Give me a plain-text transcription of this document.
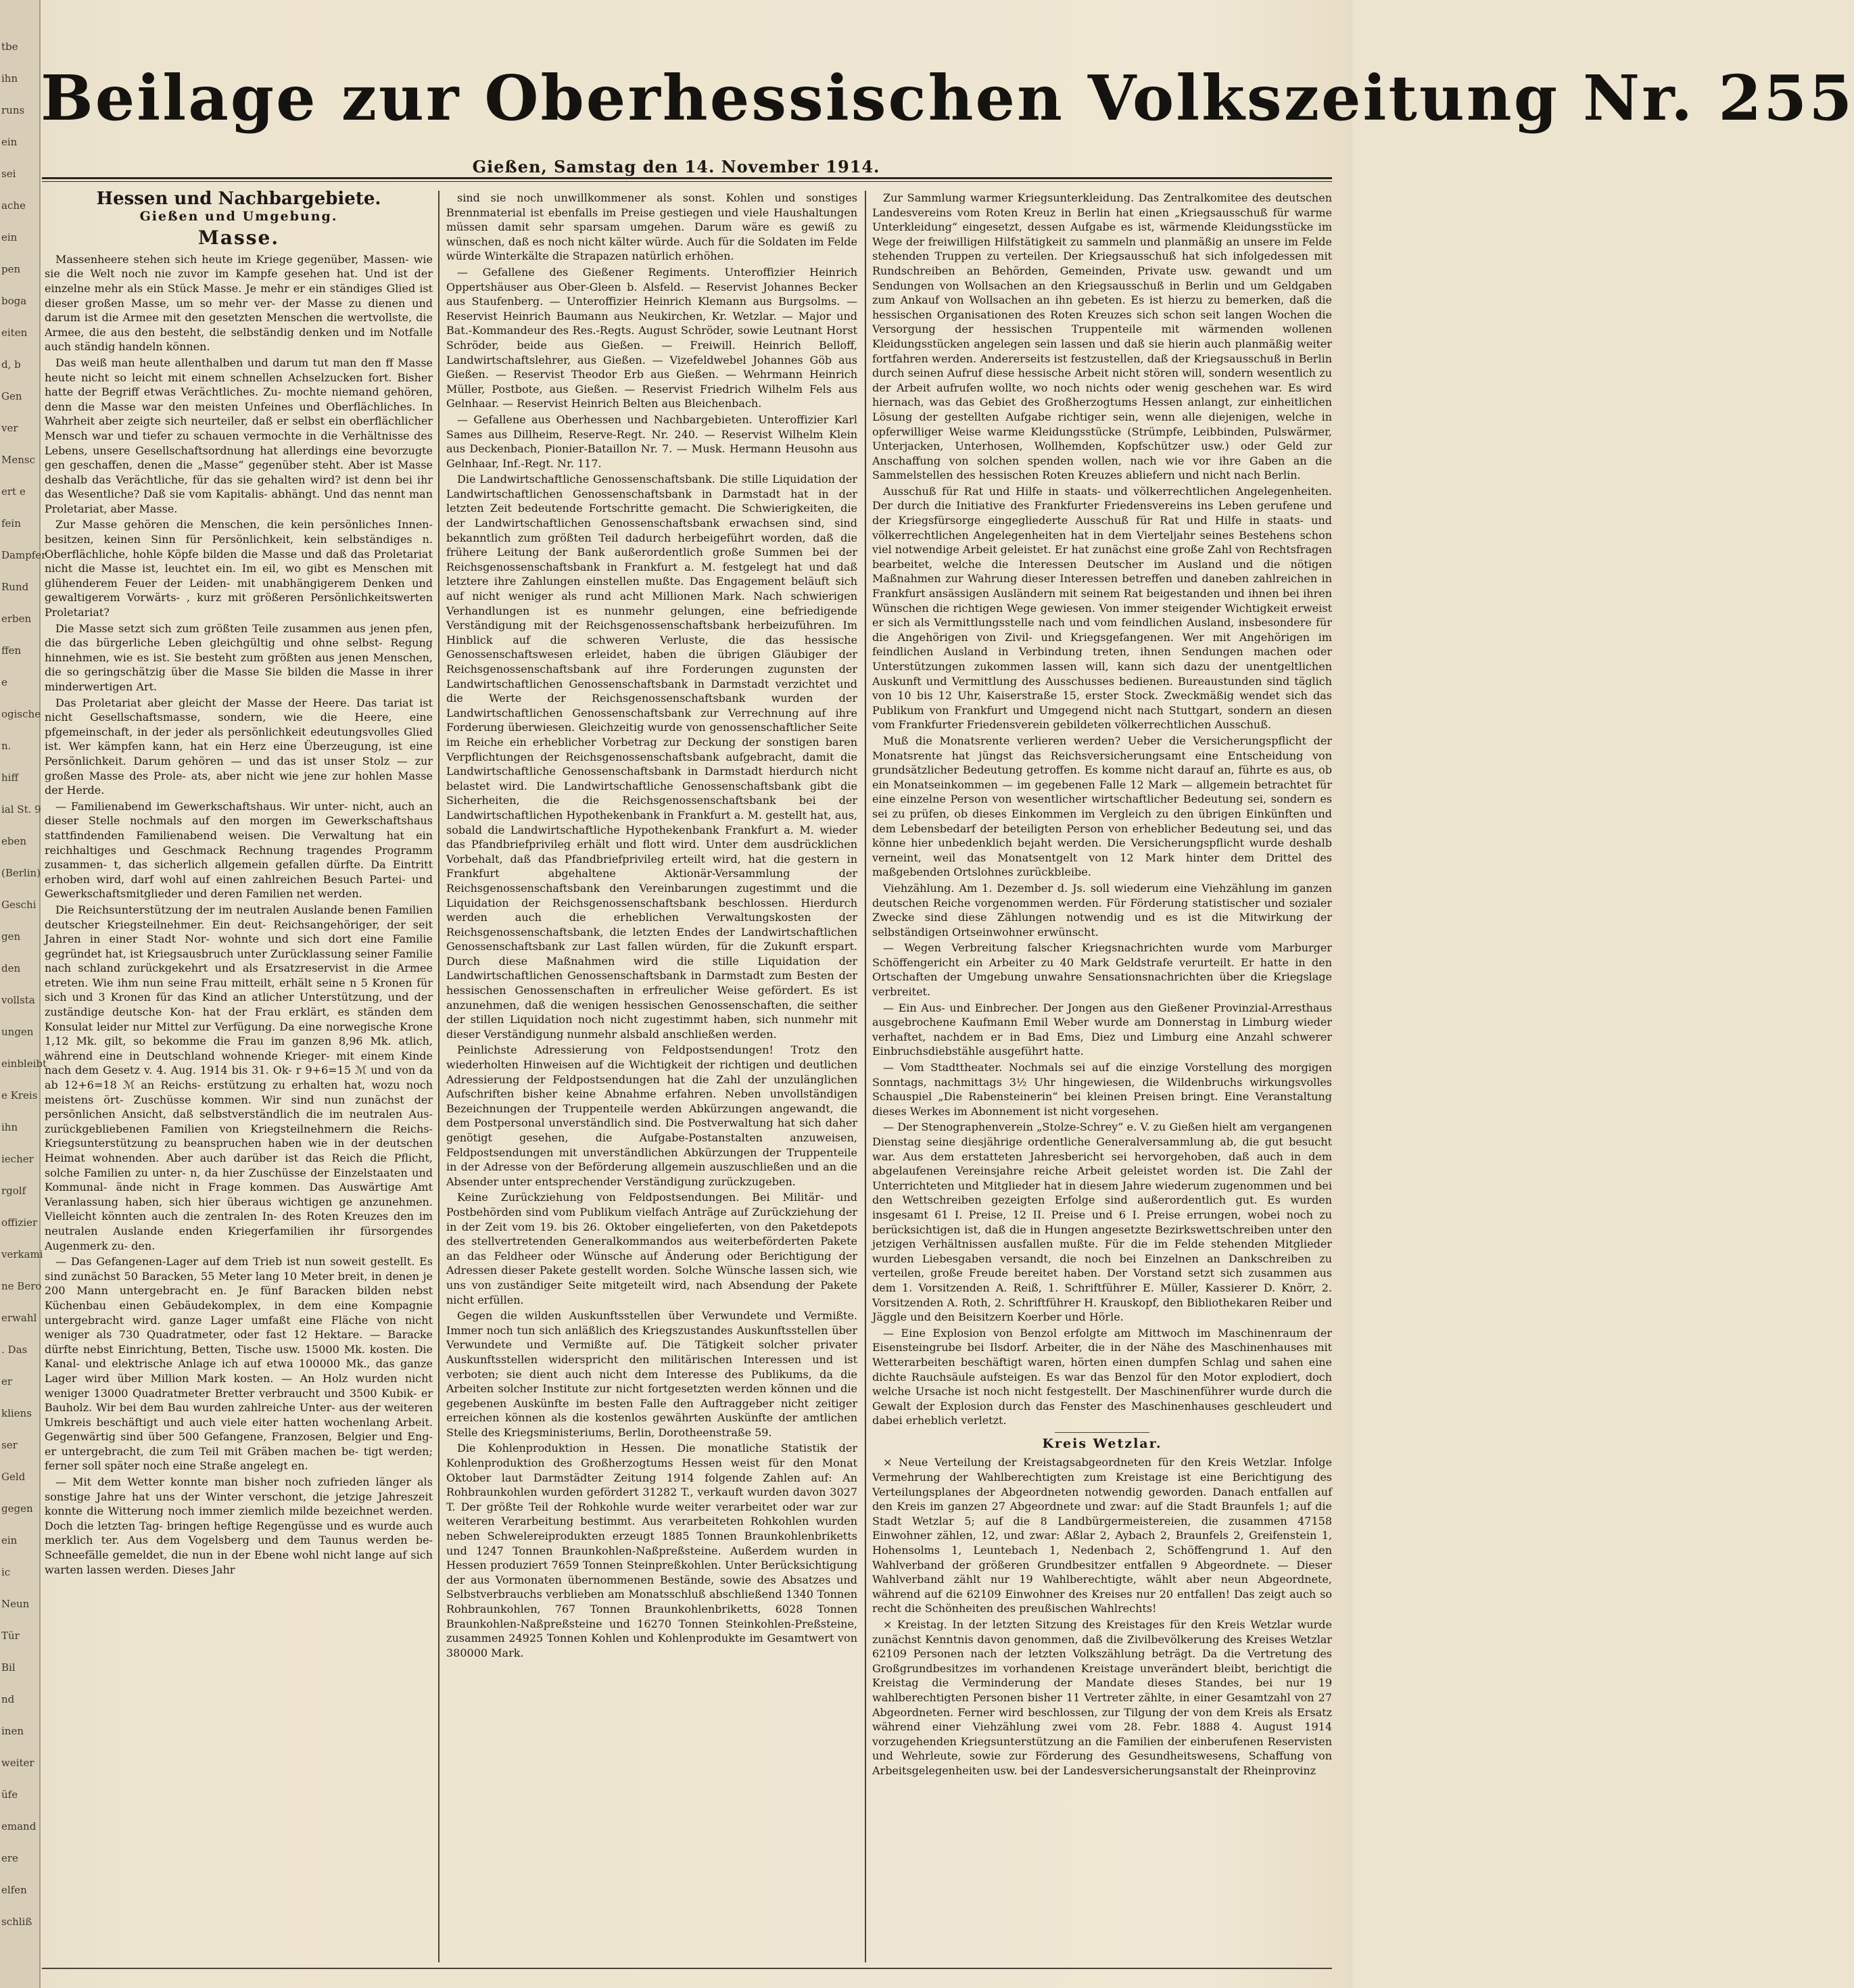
tbe
ihn
runs
ein
sei
ache
ein
pen
boga
eiten
d, b
Gen
ver
Mensc
ert e
fein
Dampfer
Rund
erben
ffen
e
ogische
n.
hiff
ial St. 9
eben
(Berlin)
Geschi
gen
den
vollsta
ungen
einbleibt
e Kreis
ihn
iecher
rgolf
offizier
verkami
ne Bero
erwahl
. Das
er
kliens
ser
Geld
gegen
ein
ic
Neun
Tür
Bil
nd
inen
weiter
üfe
emand
ere
elfen
schliß
Beilage zur Oberhessischen Volkszeitung Nr. 255
Gießen, Samstag den 14. November 1914.
Hessen und Nachbargebiete.
Gießen und Umgebung.
Masse.

Massenheere stehen sich heute im Kriege gegenüber, Massen- wie sie die Welt noch nie zuvor im Kampfe gesehen hat. Und ist der einzelne mehr als ein Stück Masse. Je mehr er ein ständiges Glied ist dieser großen Masse, um so mehr ver- der Masse zu dienen und darum ist die Armee mit den gesetzten Menschen die wertvollste, die Armee, die aus den besteht, die selbständig denken und im Notfalle auch ständig handeln können.

Das weiß man heute allenthalben und darum tut man den ff Masse heute nicht so leicht mit einem schnellen Achselzucken fort. Bisher hatte der Begriff etwas Verächtliches. Zu- mochte niemand gehören, denn die Masse war den meisten Unfeines und Oberflächliches. In Wahrheit aber zeigte sich neurteiler, daß er selbst ein oberflächlicher Mensch war und tiefer zu schauen vermochte in die Verhältnisse des Lebens, unsere Gesellschaftsordnung hat allerdings eine bevorzugte gen geschaffen, denen die „Masse“ gegenüber steht. Aber ist Masse deshalb das Verächtliche, für das sie gehalten wird? ist denn bei ihr das Wesentliche? Daß sie vom Kapitalis- abhängt. Und das nennt man Proletariat, aber Masse.

Zur Masse gehören die Menschen, die kein persönliches Innen- besitzen, keinen Sinn für Persönlichkeit, kein selbständiges n. Oberflächliche, hohle Köpfe bilden die Masse und daß das Proletariat nicht die Masse ist, leuchtet ein. Im eil, wo gibt es Menschen mit glühenderem Feuer der Leiden- mit unabhängigerem Denken und gewaltigerem Vorwärts- , kurz mit größeren Persönlichkeitswerten Proletariat?

Die Masse setzt sich zum größten Teile zusammen aus jenen pfen, die das bürgerliche Leben gleichgültig und ohne selbst- Regung hinnehmen, wie es ist. Sie besteht zum größten aus jenen Menschen, die so geringschätzig über die Masse Sie bilden die Masse in ihrer minderwertigen Art.

Das Proletariat aber gleicht der Masse der Heere. Das tariat ist nicht Gesellschaftsmasse, sondern, wie die Heere, eine pfgemeinschaft, in der jeder als persönlichkeit edeutungsvolles Glied ist. Wer kämpfen kann, hat ein Herz eine Überzeugung, ist eine Persönlichkeit. Darum gehören — und das ist unser Stolz — zur großen Masse des Prole- ats, aber nicht wie jene zur hohlen Masse der Herde.

— Familienabend im Gewerkschaftshaus. Wir unter- nicht, auch an dieser Stelle nochmals auf den morgen im Gewerkschaftshaus stattfindenden Familienabend weisen. Die Verwaltung hat ein reichhaltiges und Geschmack Rechnung tragendes Programm zusammen- t, das sicherlich allgemein gefallen dürfte. Da Eintritt erhoben wird, darf wohl auf einen zahlreichen Besuch Partei- und Gewerkschaftsmitglieder und deren Familien net werden.

Die Reichsunterstützung der im neutralen Auslande benen Familien deutscher Kriegsteilnehmer. Ein deut- Reichsangehöriger, der seit Jahren in einer Stadt Nor- wohnte und sich dort eine Familie gegründet hat, ist Kriegsausbruch unter Zurücklassung seiner Familie nach schland zurückgekehrt und als Ersatzreservist in die Armee etreten. Wie ihm nun seine Frau mitteilt, erhält seine n 5 Kronen für sich und 3 Kronen für das Kind an atlicher Unterstützung, und der zuständige deutsche Kon- hat der Frau erklärt, es ständen dem Konsulat leider nur Mittel zur Verfügung. Da eine norwegische Krone 1,12 Mk. gilt, so bekomme die Frau im ganzen 8,96 Mk. atlich, während eine in Deutschland wohnende Krieger- mit einem Kinde nach dem Gesetz v. 4. Aug. 1914 bis 31. Ok- r 9+6=15 ℳ und von da ab 12+6=18 ℳ an Reichs- erstützung zu erhalten hat, wozu noch meistens ört- Zuschüsse kommen. Wir sind nun zunächst der persönlichen Ansicht, daß selbstverständlich die im neutralen Aus- zurückgebliebenen Familien von Kriegsteilnehmern die Reichs-Kriegsunterstützung zu beanspruchen haben wie in der deutschen Heimat wohnenden. Aber auch darüber ist das Reich die Pflicht, solche Familien zu unter- n, da hier Zuschüsse der Einzelstaaten und Kommunal- ände nicht in Frage kommen. Das Auswärtige Amt Veranlassung haben, sich hier überaus wichtigen ge anzunehmen. Vielleicht könnten auch die zentralen In- des Roten Kreuzes den im neutralen Auslande enden Kriegerfamilien ihr fürsorgendes Augenmerk zu- den.

— Das Gefangenen-Lager auf dem Trieb ist nun soweit gestellt. Es sind zunächst 50 Baracken, 55 Meter lang 10 Meter breit, in denen je 200 Mann untergebracht en. Je fünf Baracken bilden nebst Küchenbau einen Gebäudekomplex, in dem eine Kompagnie untergebracht wird. ganze Lager umfaßt eine Fläche von nicht weniger als 730 Quadratmeter, oder fast 12 Hektare. — Baracke dürfte nebst Einrichtung, Betten, Tische usw. 15000 Mk. kosten. Die Kanal- und elektrische Anlage ich auf etwa 100000 Mk., das ganze Lager wird über Million Mark kosten. — An Holz wurden nicht weniger 13000 Quadratmeter Bretter verbraucht und 3500 Kubik- er Bauholz. Wir bei dem Bau wurden zahlreiche Unter- aus der weiteren Umkreis beschäftigt und auch viele eiter hatten wochenlang Arbeit. Gegenwärtig sind über 500 Gefangene, Franzosen, Belgier und Eng- er untergebracht, die zum Teil mit Gräben machen be- tigt werden; ferner soll später noch eine Straße angelegt en.

— Mit dem Wetter konnte man bisher noch zufrieden länger als sonstige Jahre hat uns der Winter verschont, die jetzige Jahreszeit konnte die Witterung noch immer ziemlich milde bezeichnet werden. Doch die letzten Tag- bringen heftige Regengüsse und es wurde auch merklich ter. Aus dem Vogelsberg und dem Taunus werden be- Schneefälle gemeldet, die nun in der Ebene wohl nicht lange auf sich warten lassen werden. Dieses Jahr

sind sie noch unwillkommener als sonst. Kohlen und sonstiges Brennmaterial ist ebenfalls im Preise gestiegen und viele Haushaltungen müssen damit sehr sparsam umgehen. Darum wäre es gewiß zu wünschen, daß es noch nicht kälter würde. Auch für die Soldaten im Felde würde Winterkälte die Strapazen natürlich erhöhen.

— Gefallene des Gießener Regiments. Unteroffizier Heinrich Oppertshäuser aus Ober-Gleen b. Alsfeld. — Reservist Johannes Becker aus Staufenberg. — Unteroffizier Heinrich Klemann aus Burgsolms. — Reservist Heinrich Baumann aus Neukirchen, Kr. Wetzlar. — Major und Bat.-Kommandeur des Res.-Regts. August Schröder, sowie Leutnant Horst Schröder, beide aus Gießen. — Freiwill. Heinrich Belloff, Landwirtschaftslehrer, aus Gießen. — Vizefeldwebel Johannes Göb aus Gießen. — Reservist Theodor Erb aus Gießen. — Wehrmann Heinrich Müller, Postbote, aus Gießen. — Reservist Friedrich Wilhelm Fels aus Gelnhaar. — Reservist Heinrich Belten aus Bleichenbach.

— Gefallene aus Oberhessen und Nachbargebieten. Unteroffizier Karl Sames aus Dillheim, Reserve-Regt. Nr. 240. — Reservist Wilhelm Klein aus Deckenbach, Pionier-Bataillon Nr. 7. — Musk. Hermann Heusohn aus Gelnhaar, Inf.-Regt. Nr. 117.

Die Landwirtschaftliche Genossenschaftsbank. Die stille Liquidation der Landwirtschaftlichen Genossenschaftsbank in Darmstadt hat in der letzten Zeit bedeutende Fortschritte gemacht. Die Schwierigkeiten, die der Landwirtschaftlichen Genossenschaftsbank erwachsen sind, sind bekanntlich zum größten Teil dadurch herbeigeführt worden, daß die frühere Leitung der Bank außerordentlich große Summen bei der Reichsgenossenschaftsbank in Frankfurt a. M. festgelegt hat und daß letztere ihre Zahlungen einstellen mußte. Das Engagement beläuft sich auf nicht weniger als rund acht Millionen Mark. Nach schwierigen Verhandlungen ist es nunmehr gelungen, eine befriedigende Verständigung mit der Reichsgenossenschaftsbank herbeizuführen. Im Hinblick auf die schweren Verluste, die das hessische Genossenschaftswesen erleidet, haben die übrigen Gläubiger der Reichsgenossenschaftsbank auf ihre Forderungen zugunsten der Landwirtschaftlichen Genossenschaftsbank in Darmstadt verzichtet und die Werte der Reichsgenossenschaftsbank wurden der Landwirtschaftlichen Genossenschaftsbank zur Verrechnung auf ihre Forderung überwiesen. Gleichzeitig wurde von genossenschaftlicher Seite im Reiche ein erheblicher Vorbetrag zur Deckung der sonstigen baren Verpflichtungen der Reichsgenossenschaftsbank aufgebracht, damit die Landwirtschaftliche Genossenschaftsbank in Darmstadt hierdurch nicht belastet wird. Die Landwirtschaftliche Genossenschaftsbank gibt die Sicherheiten, die die Reichsgenossenschaftsbank bei der Landwirtschaftlichen Hypothekenbank in Frankfurt a. M. gestellt hat, aus, sobald die Landwirtschaftliche Hypothekenbank Frankfurt a. M. wieder das Pfandbriefprivileg erhält und flott wird. Unter dem ausdrücklichen Vorbehalt, daß das Pfandbriefprivileg erteilt wird, hat die gestern in Frankfurt abgehaltene Aktionär-Versammlung der Reichsgenossenschaftsbank den Vereinbarungen zugestimmt und die Liquidation der Reichsgenossenschaftsbank beschlossen. Hierdurch werden auch die erheblichen Verwaltungskosten der Reichsgenossenschaftsbank, die letzten Endes der Landwirtschaftlichen Genossenschaftsbank zur Last fallen würden, für die Zukunft erspart. Durch diese Maßnahmen wird die stille Liquidation der Landwirtschaftlichen Genossenschaftsbank in Darmstadt zum Besten der hessischen Genossenschaften in erfreulicher Weise gefördert. Es ist anzunehmen, daß die wenigen hessischen Genossenschaften, die seither der stillen Liquidation noch nicht zugestimmt haben, sich nunmehr mit dieser Verständigung nunmehr alsbald anschließen werden.

Peinlichste Adressierung von Feldpostsendungen! Trotz den wiederholten Hinweisen auf die Wichtigkeit der richtigen und deutlichen Adressierung der Feldpostsendungen hat die Zahl der unzulänglichen Aufschriften bisher keine Abnahme erfahren. Neben unvollständigen Bezeichnungen der Truppenteile werden Abkürzungen angewandt, die dem Postpersonal unverständlich sind. Die Postverwaltung hat sich daher genötigt gesehen, die Aufgabe-Postanstalten anzuweisen, Feldpostsendungen mit unverständlichen Abkürzungen der Truppenteile in der Adresse von der Beförderung allgemein auszuschließen und an die Absender unter entsprechender Verständigung zurückzugeben.

Keine Zurückziehung von Feldpostsendungen. Bei Militär- und Postbehörden sind vom Publikum vielfach Anträge auf Zurückziehung der in der Zeit vom 19. bis 26. Oktober eingelieferten, von den Paketdepots des stellvertretenden Generalkommandos aus weiterbeförderten Pakete an das Feldheer oder Wünsche auf Änderung oder Berichtigung der Adressen dieser Pakete gestellt worden. Solche Wünsche lassen sich, wie uns von zuständiger Seite mitgeteilt wird, nach Absendung der Pakete nicht erfüllen.

Gegen die wilden Auskunftsstellen über Verwundete und Vermißte. Immer noch tun sich anläßlich des Kriegszustandes Auskunftsstellen über Verwundete und Vermißte auf. Die Tätigkeit solcher privater Auskunftsstellen widerspricht den militärischen Interessen und ist verboten; sie dient auch nicht dem Interesse des Publikums, da die Arbeiten solcher Institute zur nicht fortgesetzten werden können und die gegebenen Auskünfte im besten Falle den Auftraggeber nicht zeitiger erreichen können als die kostenlos gewährten Auskünfte der amtlichen Stelle des Kriegsministeriums, Berlin, Dorotheenstraße 59.

Die Kohlenproduktion in Hessen. Die monatliche Statistik der Kohlenproduktion des Großherzogtums Hessen weist für den Monat Oktober laut Darmstädter Zeitung 1914 folgende Zahlen auf: An Rohbraunkohlen wurden gefördert 31282 T., verkauft wurden davon 3027 T. Der größte Teil der Rohkohle wurde weiter verarbeitet oder war zur weiteren Verarbeitung bestimmt. Aus verarbeiteten Rohkohlen wurden neben Schwelereiprodukten erzeugt 1885 Tonnen Braunkohlenbriketts und 1247 Tonnen Braunkohlen-Naßpreßsteine. Außerdem wurden in Hessen produziert 7659 Tonnen Steinpreßkohlen. Unter Berücksichtigung der aus Vormonaten übernommenen Bestände, sowie des Absatzes und Selbstverbrauchs verblieben am Monatsschluß abschließend 1340 Tonnen Rohbraunkohlen, 767 Tonnen Braunkohlenbriketts, 6028 Tonnen Braunkohlen-Naßpreßsteine und 16270 Tonnen Steinkohlen-Preßsteine, zusammen 24925 Tonnen Kohlen und Kohlenprodukte im Gesamtwert von 380000 Mark.

Zur Sammlung warmer Kriegsunterkleidung. Das Zentralkomitee des deutschen Landesvereins vom Roten Kreuz in Berlin hat einen „Kriegsausschuß für warme Unterkleidung“ eingesetzt, dessen Aufgabe es ist, wärmende Kleidungsstücke im Wege der freiwilligen Hilfstätigkeit zu sammeln und planmäßig an unsere im Felde stehenden Truppen zu verteilen. Der Kriegsausschuß hat sich infolgedessen mit Rundschreiben an Behörden, Gemeinden, Private usw. gewandt und um Sendungen von Wollsachen an den Kriegsausschuß in Berlin und um Geldgaben zum Ankauf von Wollsachen an ihn gebeten. Es ist hierzu zu bemerken, daß die hessischen Organisationen des Roten Kreuzes sich schon seit langen Wochen die Versorgung der hessischen Truppenteile mit wärmenden wollenen Kleidungsstücken angelegen sein lassen und daß sie hierin auch planmäßig weiter fortfahren werden. Andererseits ist festzustellen, daß der Kriegsausschuß in Berlin durch seinen Aufruf diese hessische Arbeit nicht stören will, sondern wesentlich zu der Arbeit aufrufen wollte, wo noch nichts oder wenig geschehen war. Es wird hiernach, was das Gebiet des Großherzogtums Hessen anlangt, zur einheitlichen Lösung der gestellten Aufgabe richtiger sein, wenn alle diejenigen, welche in opferwilliger Weise warme Kleidungsstücke (Strümpfe, Leibbinden, Pulswärmer, Unterjacken, Unterhosen, Wollhemden, Kopfschützer usw.) oder Geld zur Anschaffung von solchen spenden wollen, nach wie vor ihre Gaben an die Sammelstellen des hessischen Roten Kreuzes abliefern und nicht nach Berlin.

Ausschuß für Rat und Hilfe in staats- und völkerrechtlichen Angelegenheiten. Der durch die Initiative des Frankfurter Friedensvereins ins Leben gerufene und der Kriegsfürsorge eingegliederte Ausschuß für Rat und Hilfe in staats- und völkerrechtlichen Angelegenheiten hat in dem Vierteljahr seines Bestehens schon viel notwendige Arbeit geleistet. Er hat zunächst eine große Zahl von Rechtsfragen bearbeitet, welche die Interessen Deutscher im Ausland und die nötigen Maßnahmen zur Wahrung dieser Interessen betreffen und daneben zahlreichen in Frankfurt ansässigen Ausländern mit seinem Rat beigestanden und ihnen bei ihren Wünschen die richtigen Wege gewiesen. Von immer steigender Wichtigkeit erweist er sich als Vermittlungsstelle nach und vom feindlichen Ausland, insbesondere für die Angehörigen von Zivil- und Kriegsgefangenen. Wer mit Angehörigen im feindlichen Ausland in Verbindung treten, ihnen Sendungen machen oder Unterstützungen zukommen lassen will, kann sich dazu der unentgeltlichen Auskunft und Vermittlung des Ausschusses bedienen. Bureaustunden sind täglich von 10 bis 12 Uhr, Kaiserstraße 15, erster Stock. Zweckmäßig wendet sich das Publikum von Frankfurt und Umgegend nicht nach Stuttgart, sondern an diesen vom Frankfurter Friedensverein gebildeten völkerrechtlichen Ausschuß.

Muß die Monatsrente verlieren werden? Ueber die Versicherungspflicht der Monatsrente hat jüngst das Reichsversicherungsamt eine Entscheidung von grundsätzlicher Bedeutung getroffen. Es komme nicht darauf an, führte es aus, ob ein Monatseinkommen — im gegebenen Falle 12 Mark — allgemein betrachtet für eine einzelne Person von wesentlicher wirtschaftlicher Bedeutung sei, sondern es sei zu prüfen, ob dieses Einkommen im Vergleich zu den übrigen Einkünften und dem Lebensbedarf der beteiligten Person von erheblicher Bedeutung sei, und das könne hier unbedenklich bejaht werden. Die Versicherungspflicht wurde deshalb verneint, weil das Monatsentgelt von 12 Mark hinter dem Drittel des maßgebenden Ortslohnes zurückbleibe.

Viehzählung. Am 1. Dezember d. Js. soll wiederum eine Viehzählung im ganzen deutschen Reiche vorgenommen werden. Für Förderung statistischer und sozialer Zwecke sind diese Zählungen notwendig und es ist die Mitwirkung der selbständigen Ortseinwohner erwünscht.

— Wegen Verbreitung falscher Kriegsnachrichten wurde vom Marburger Schöffengericht ein Arbeiter zu 40 Mark Geldstrafe verurteilt. Er hatte in den Ortschaften der Umgebung unwahre Sensationsnachrichten über die Kriegslage verbreitet.

— Ein Aus- und Einbrecher. Der Jongen aus den Gießener Provinzial-Arresthaus ausgebrochene Kaufmann Emil Weber wurde am Donnerstag in Limburg wieder verhaftet, nachdem er in Bad Ems, Diez und Limburg eine Anzahl schwerer Einbruchsdiebstähle ausgeführt hatte.

— Vom Stadttheater. Nochmals sei auf die einzige Vorstellung des morgigen Sonntags, nachmittags 3½ Uhr hingewiesen, die Wildenbruchs wirkungsvolles Schauspiel „Die Rabensteinerin“ bei kleinen Preisen bringt. Eine Veranstaltung dieses Werkes im Abonnement ist nicht vorgesehen.

— Der Stenographenverein „Stolze-Schrey“ e. V. zu Gießen hielt am vergangenen Dienstag seine diesjährige ordentliche Generalversammlung ab, die gut besucht war. Aus dem erstatteten Jahresbericht sei hervorgehoben, daß auch in dem abgelaufenen Vereinsjahre reiche Arbeit geleistet worden ist. Die Zahl der Unterrichteten und Mitglieder hat in diesem Jahre wiederum zugenommen und bei den Wettschreiben gezeigten Erfolge sind außerordentlich gut. Es wurden insgesamt 61 I. Preise, 12 II. Preise und 6 I. Preise errungen, wobei noch zu berücksichtigen ist, daß die in Hungen angesetzte Bezirkswettschreiben unter den jetzigen Verhältnissen ausfallen mußte. Für die im Felde stehenden Mitglieder wurden Liebesgaben versandt, die noch bei Einzelnen an Dankschreiben zu verteilen, große Freude bereitet haben. Der Vorstand setzt sich zusammen aus dem 1. Vorsitzenden A. Reiß, 1. Schriftführer E. Müller, Kassierer D. Knörr, 2. Vorsitzenden A. Roth, 2. Schriftführer H. Krauskopf, den Bibliothekaren Reiber und Jäggle und den Beisitzern Koerber und Hörle.

— Eine Explosion von Benzol erfolgte am Mittwoch im Maschinenraum der Eisensteingrube bei Ilsdorf. Arbeiter, die in der Nähe des Maschinenhauses mit Wetterarbeiten beschäftigt waren, hörten einen dumpfen Schlag und sahen eine dichte Rauchsäule aufsteigen. Es war das Benzol für den Motor explodiert, doch welche Ursache ist noch nicht festgestellt. Der Maschinenführer wurde durch die Gewalt der Explosion durch das Fenster des Maschinenhauses geschleudert und dabei erheblich verletzt.

Kreis Wetzlar.

× Neue Verteilung der Kreistagsabgeordneten für den Kreis Wetzlar. Infolge Vermehrung der Wahlberechtigten zum Kreistage ist eine Berichtigung des Verteilungsplanes der Abgeordneten notwendig geworden. Danach entfallen auf den Kreis im ganzen 27 Abgeordnete und zwar: auf die Stadt Braunfels 1; auf die Stadt Wetzlar 5; auf die 8 Landbürgermeistereien, die zusammen 47158 Einwohner zählen, 12, und zwar: Aßlar 2, Aybach 2, Braunfels 2, Greifenstein 1, Hohensolms 1, Leuntebach 1, Nedenbach 2, Schöffengrund 1. Auf den Wahlverband der größeren Grundbesitzer entfallen 9 Abgeordnete. — Dieser Wahlverband zählt nur 19 Wahlberechtigte, wählt aber neun Abgeordnete, während auf die 62109 Einwohner des Kreises nur 20 entfallen! Das zeigt auch so recht die Schönheiten des preußischen Wahlrechts!

× Kreistag. In der letzten Sitzung des Kreistages für den Kreis Wetzlar wurde zunächst Kenntnis davon genommen, daß die Zivilbevölkerung des Kreises Wetzlar 62109 Personen nach der letzten Volkszählung beträgt. Da die Vertretung des Großgrundbesitzes im vorhandenen Kreistage unverändert bleibt, berichtigt die Kreistag die Verminderung der Mandate dieses Standes, bei nur 19 wahlberechtigten Personen bisher 11 Vertreter zählte, in einer Gesamtzahl von 27 Abgeordneten. Ferner wird beschlossen, zur Tilgung der von dem Kreis als Ersatz während einer Viehzählung zwei vom 28. Febr. 1888 4. August 1914 vorzugehenden Kriegsunterstützung an die Familien der einberufenen Reservisten und Wehrleute, sowie zur Förderung des Gesundheitswesens, Schaffung von Arbeitsgelegenheiten usw. bei der Landesversicherungsanstalt der Rheinprovinz
